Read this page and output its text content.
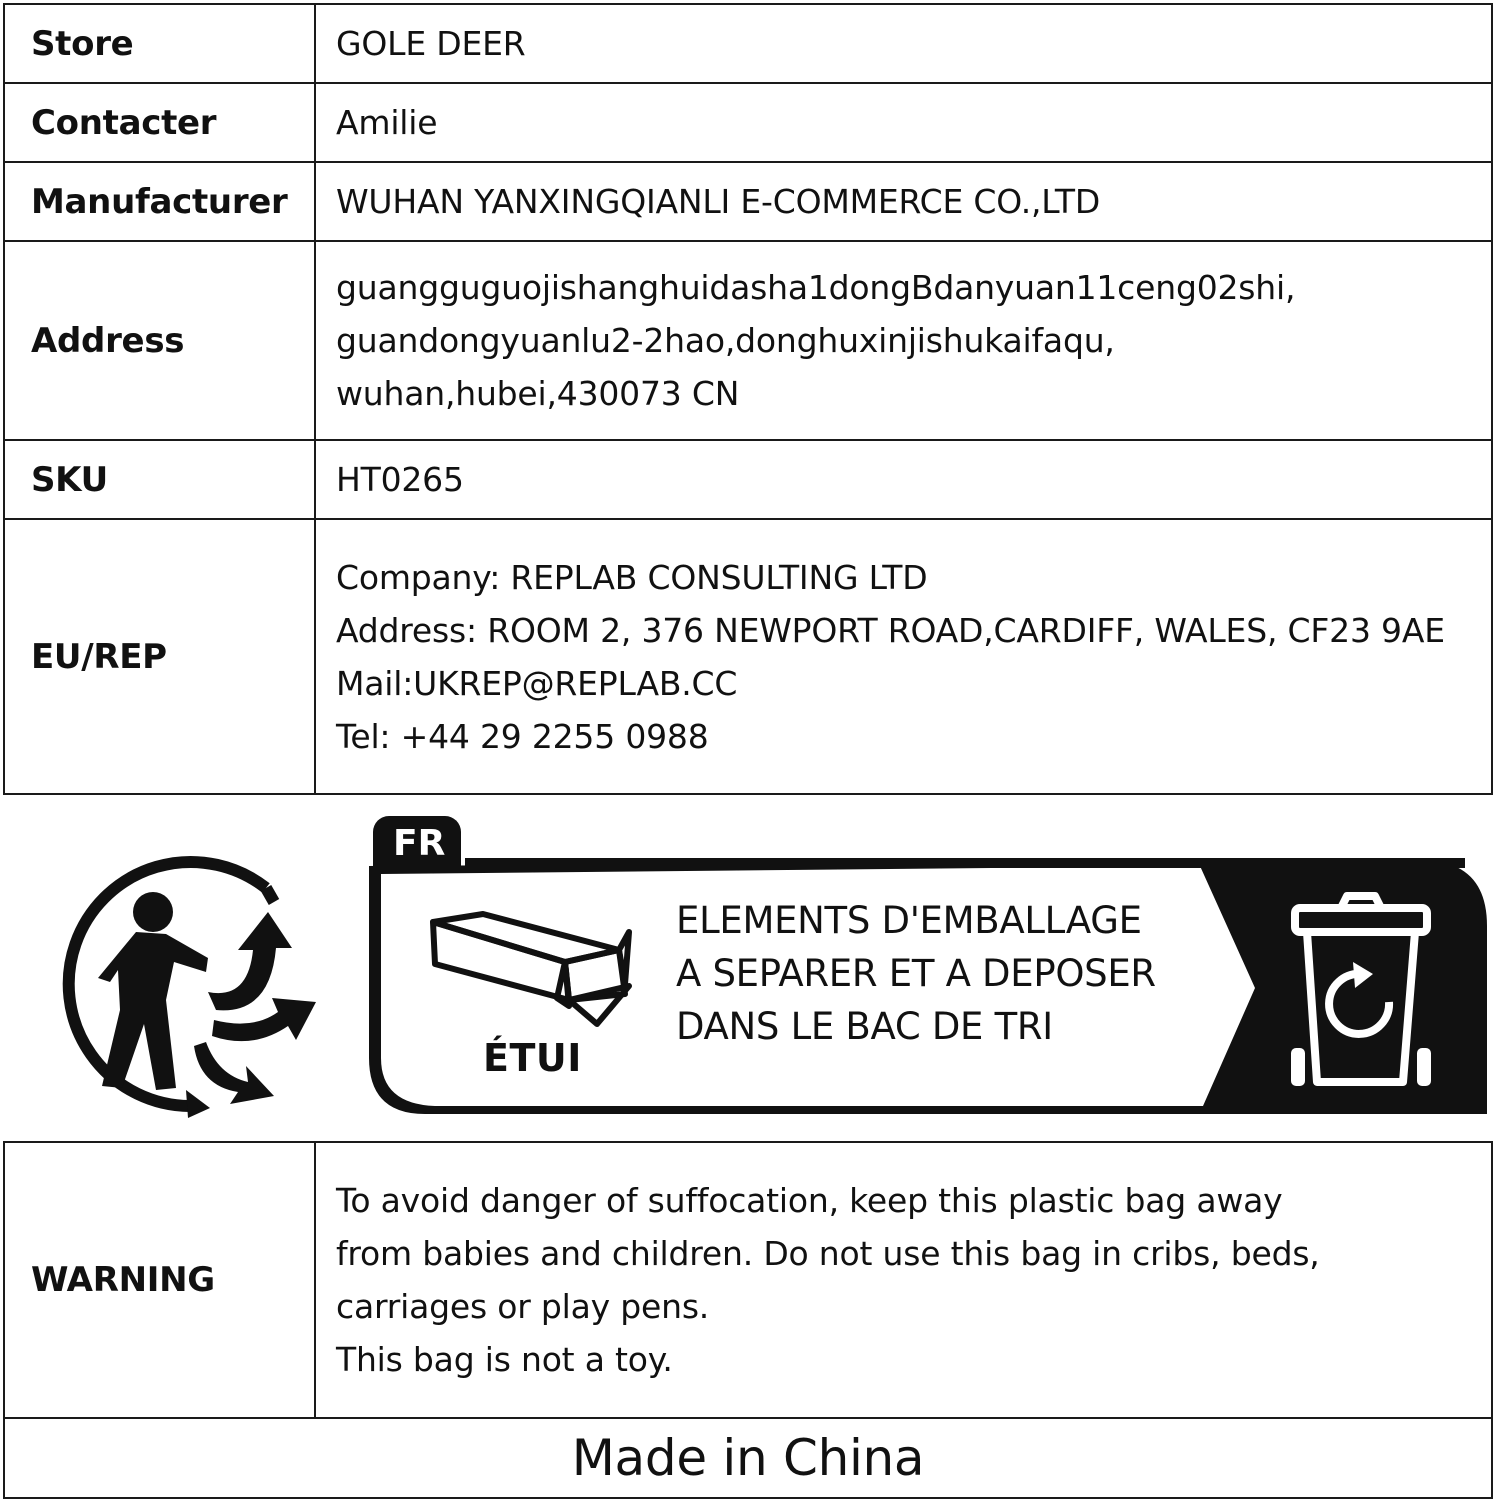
Store	GOLE DEER

Contacter	Amilie

Manufacturer	WUHAN YANXINGQIANLI E-COMMERCE CO.,LTD

Address	guangguguojishanghuidasha1dongBdanyuan11ceng02shi,
guandongyuanlu2-2hao,donghuxinjishukaifaqu,
wuhan,hubei,430073 CN

SKU	HT0265

EU/REP	Company: REPLAB CONSULTING LTD
Address: ROOM 2, 376 NEWPORT ROAD,CARDIFF, WALES, CF23 9AE
Mail:UKREP@REPLAB.CC
Tel: +44 29 2255 0988
FR
ÉTUI
ELEMENTS D'EMBALLAGE
A SEPARER ET A DEPOSER
DANS LE BAC DE TRI
WARNING	
To avoid danger of suffocation, keep this plastic bag away
from babies and children. Do not use this bag in cribs, beds,
carriages or play pens.
This bag is not a toy.

Made in China
